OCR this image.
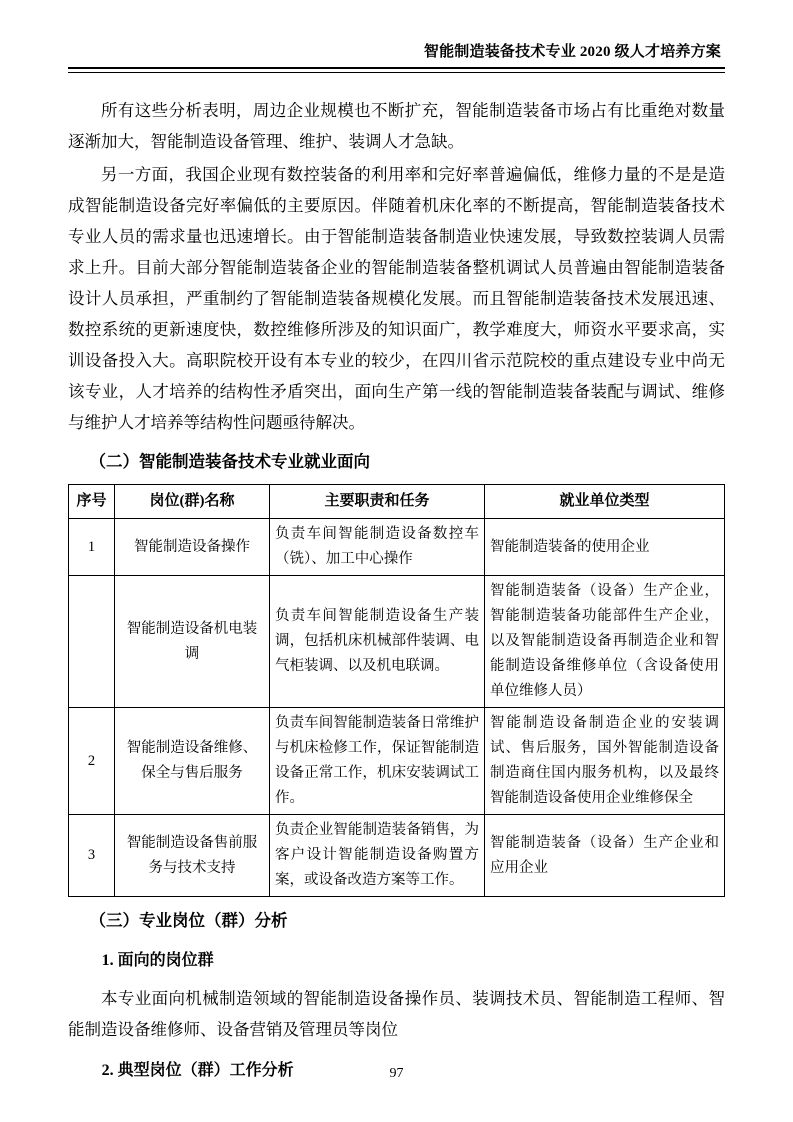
智能制造装备技术专业 2020 级人才培养方案

所有这些分析表明，周边企业规模也不断扩充，智能制造装备市场占有比重绝对数量逐渐加大，智能制造设备管理、维护、装调人才急缺。

另一方面，我国企业现有数控装备的利用率和完好率普遍偏低，维修力量的不是是造成智能制造设备完好率偏低的主要原因。伴随着机床化率的不断提高，智能制造装备技术专业人员的需求量也迅速增长。由于智能制造装备制造业快速发展，导致数控装调人员需求上升。目前大部分智能制造装备企业的智能制造装备整机调试人员普遍由智能制造装备设计人员承担，严重制约了智能制造装备规模化发展。而且智能制造装备技术发展迅速、数控系统的更新速度快，数控维修所涉及的知识面广，教学难度大，师资水平要求高，实训设备投入大。高职院校开设有本专业的较少，在四川省示范院校的重点建设专业中尚无该专业，人才培养的结构性矛盾突出，面向生产第一线的智能制造装备装配与调试、维修与维护人才培养等结构性问题亟待解决。

（二）智能制造装备技术专业就业面向
序号	岗位(群)名称	主要职责和任务	就业单位类型
1	智能制造设备操作	负责车间智能制造设备数控车（铣）、加工中心操作	智能制造装备的使用企业
	智能制造设备机电装调	负责车间智能制造设备生产装调，包括机床机械部件装调、电气柜装调、以及机电联调。	智能制造装备（设备）生产企业，智能制造装备功能部件生产企业，以及智能制造设备再制造企业和智能制造设备维修单位（含设备使用单位维修人员）
2	智能制造设备维修、保全与售后服务	负责车间智能制造装备日常维护与机床检修工作，保证智能制造设备正常工作，机床安装调试工作。	智能制造设备制造企业的安装调试、售后服务，国外智能制造设备制造商住国内服务机构，以及最终智能制造设备使用企业维修保全
3	智能制造设备售前服务与技术支持	负责企业智能制造装备销售，为客户设计智能制造设备购置方案，或设备改造方案等工作。	智能制造装备（设备）生产企业和应用企业
（三）专业岗位（群）分析
1. 面向的岗位群

本专业面向机械制造领域的智能制造设备操作员、装调技术员、智能制造工程师、智能制造设备维修师、设备营销及管理员等岗位

2. 典型岗位（群）工作分析	97
